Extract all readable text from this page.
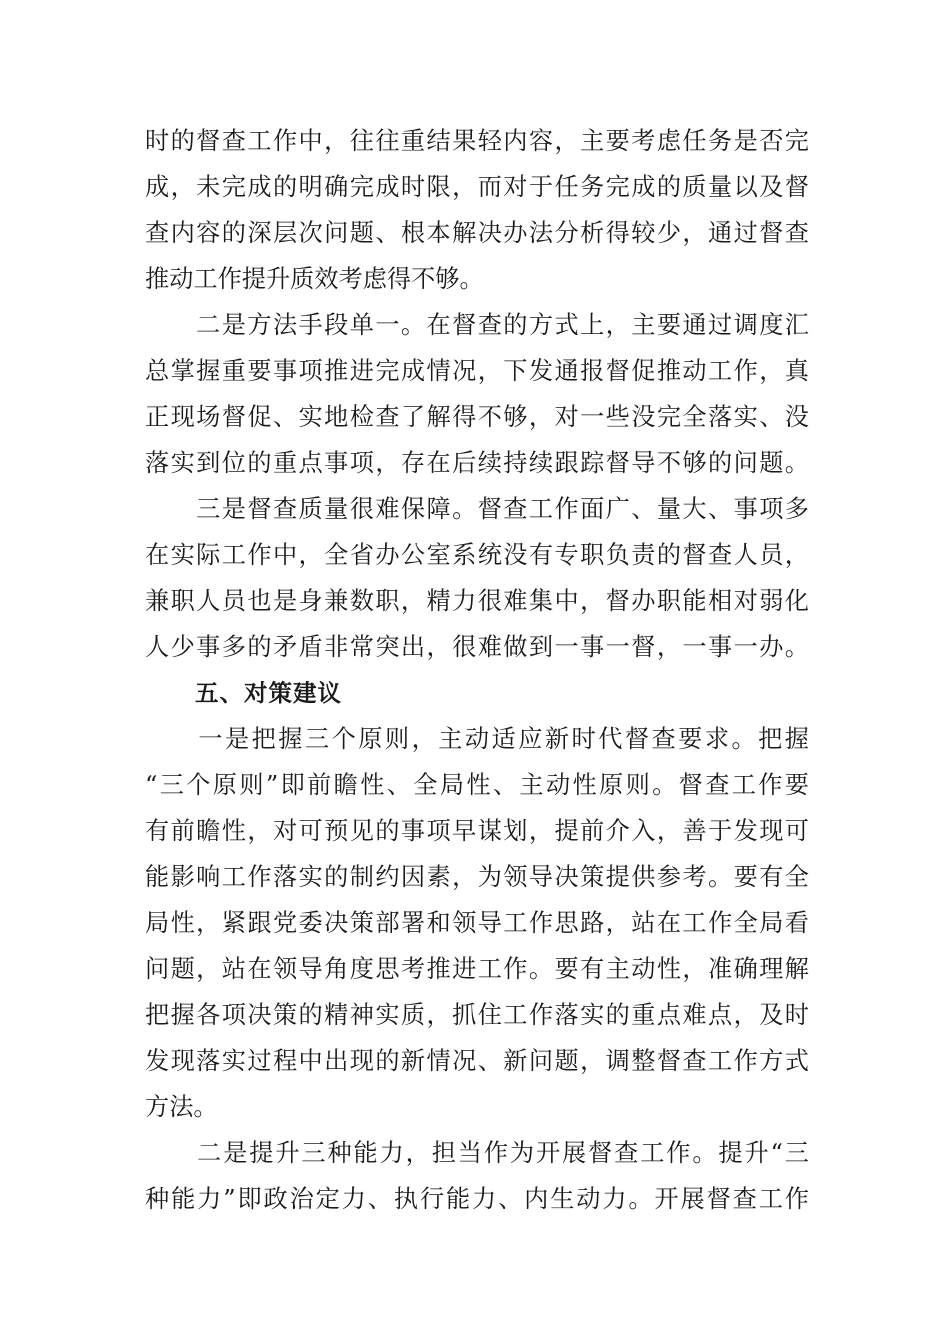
时的督查工作中，往往重结果轻内容，主要考虑任务是否完
成，未完成的明确完成时限，而对于任务完成的质量以及督
查内容的深层次问题、根本解决办法分析得较少，通过督查
推动工作提升质效考虑得不够。
　　二是方法手段单一。在督查的方式上，主要通过调度汇
总掌握重要事项推进完成情况，下发通报督促推动工作，真
正现场督促、实地检查了解得不够，对一些没完全落实、没
落实到位的重点事项，存在后续持续跟踪督导不够的问题。
　　三是督查质量很难保障。督查工作面广、量大、事项多
在实际工作中，全省办公室系统没有专职负责的督查人员，
兼职人员也是身兼数职，精力很难集中，督办职能相对弱化
人少事多的矛盾非常突出，很难做到一事一督，一事一办。
五、对策建议
　　一是把握三个原则，主动适应新时代督查要求。把握
“三个原则”即前瞻性、全局性、主动性原则。督查工作要
有前瞻性，对可预见的事项早谋划，提前介入，善于发现可
能影响工作落实的制约因素，为领导决策提供参考。要有全
局性，紧跟党委决策部署和领导工作思路，站在工作全局看
问题，站在领导角度思考推进工作。要有主动性，准确理解
把握各项决策的精神实质，抓住工作落实的重点难点，及时
发现落实过程中出现的新情况、新问题，调整督查工作方式
方法。
　　二是提升三种能力，担当作为开展督查工作。提升“三
种能力”即政治定力、执行能力、内生动力。开展督查工作
